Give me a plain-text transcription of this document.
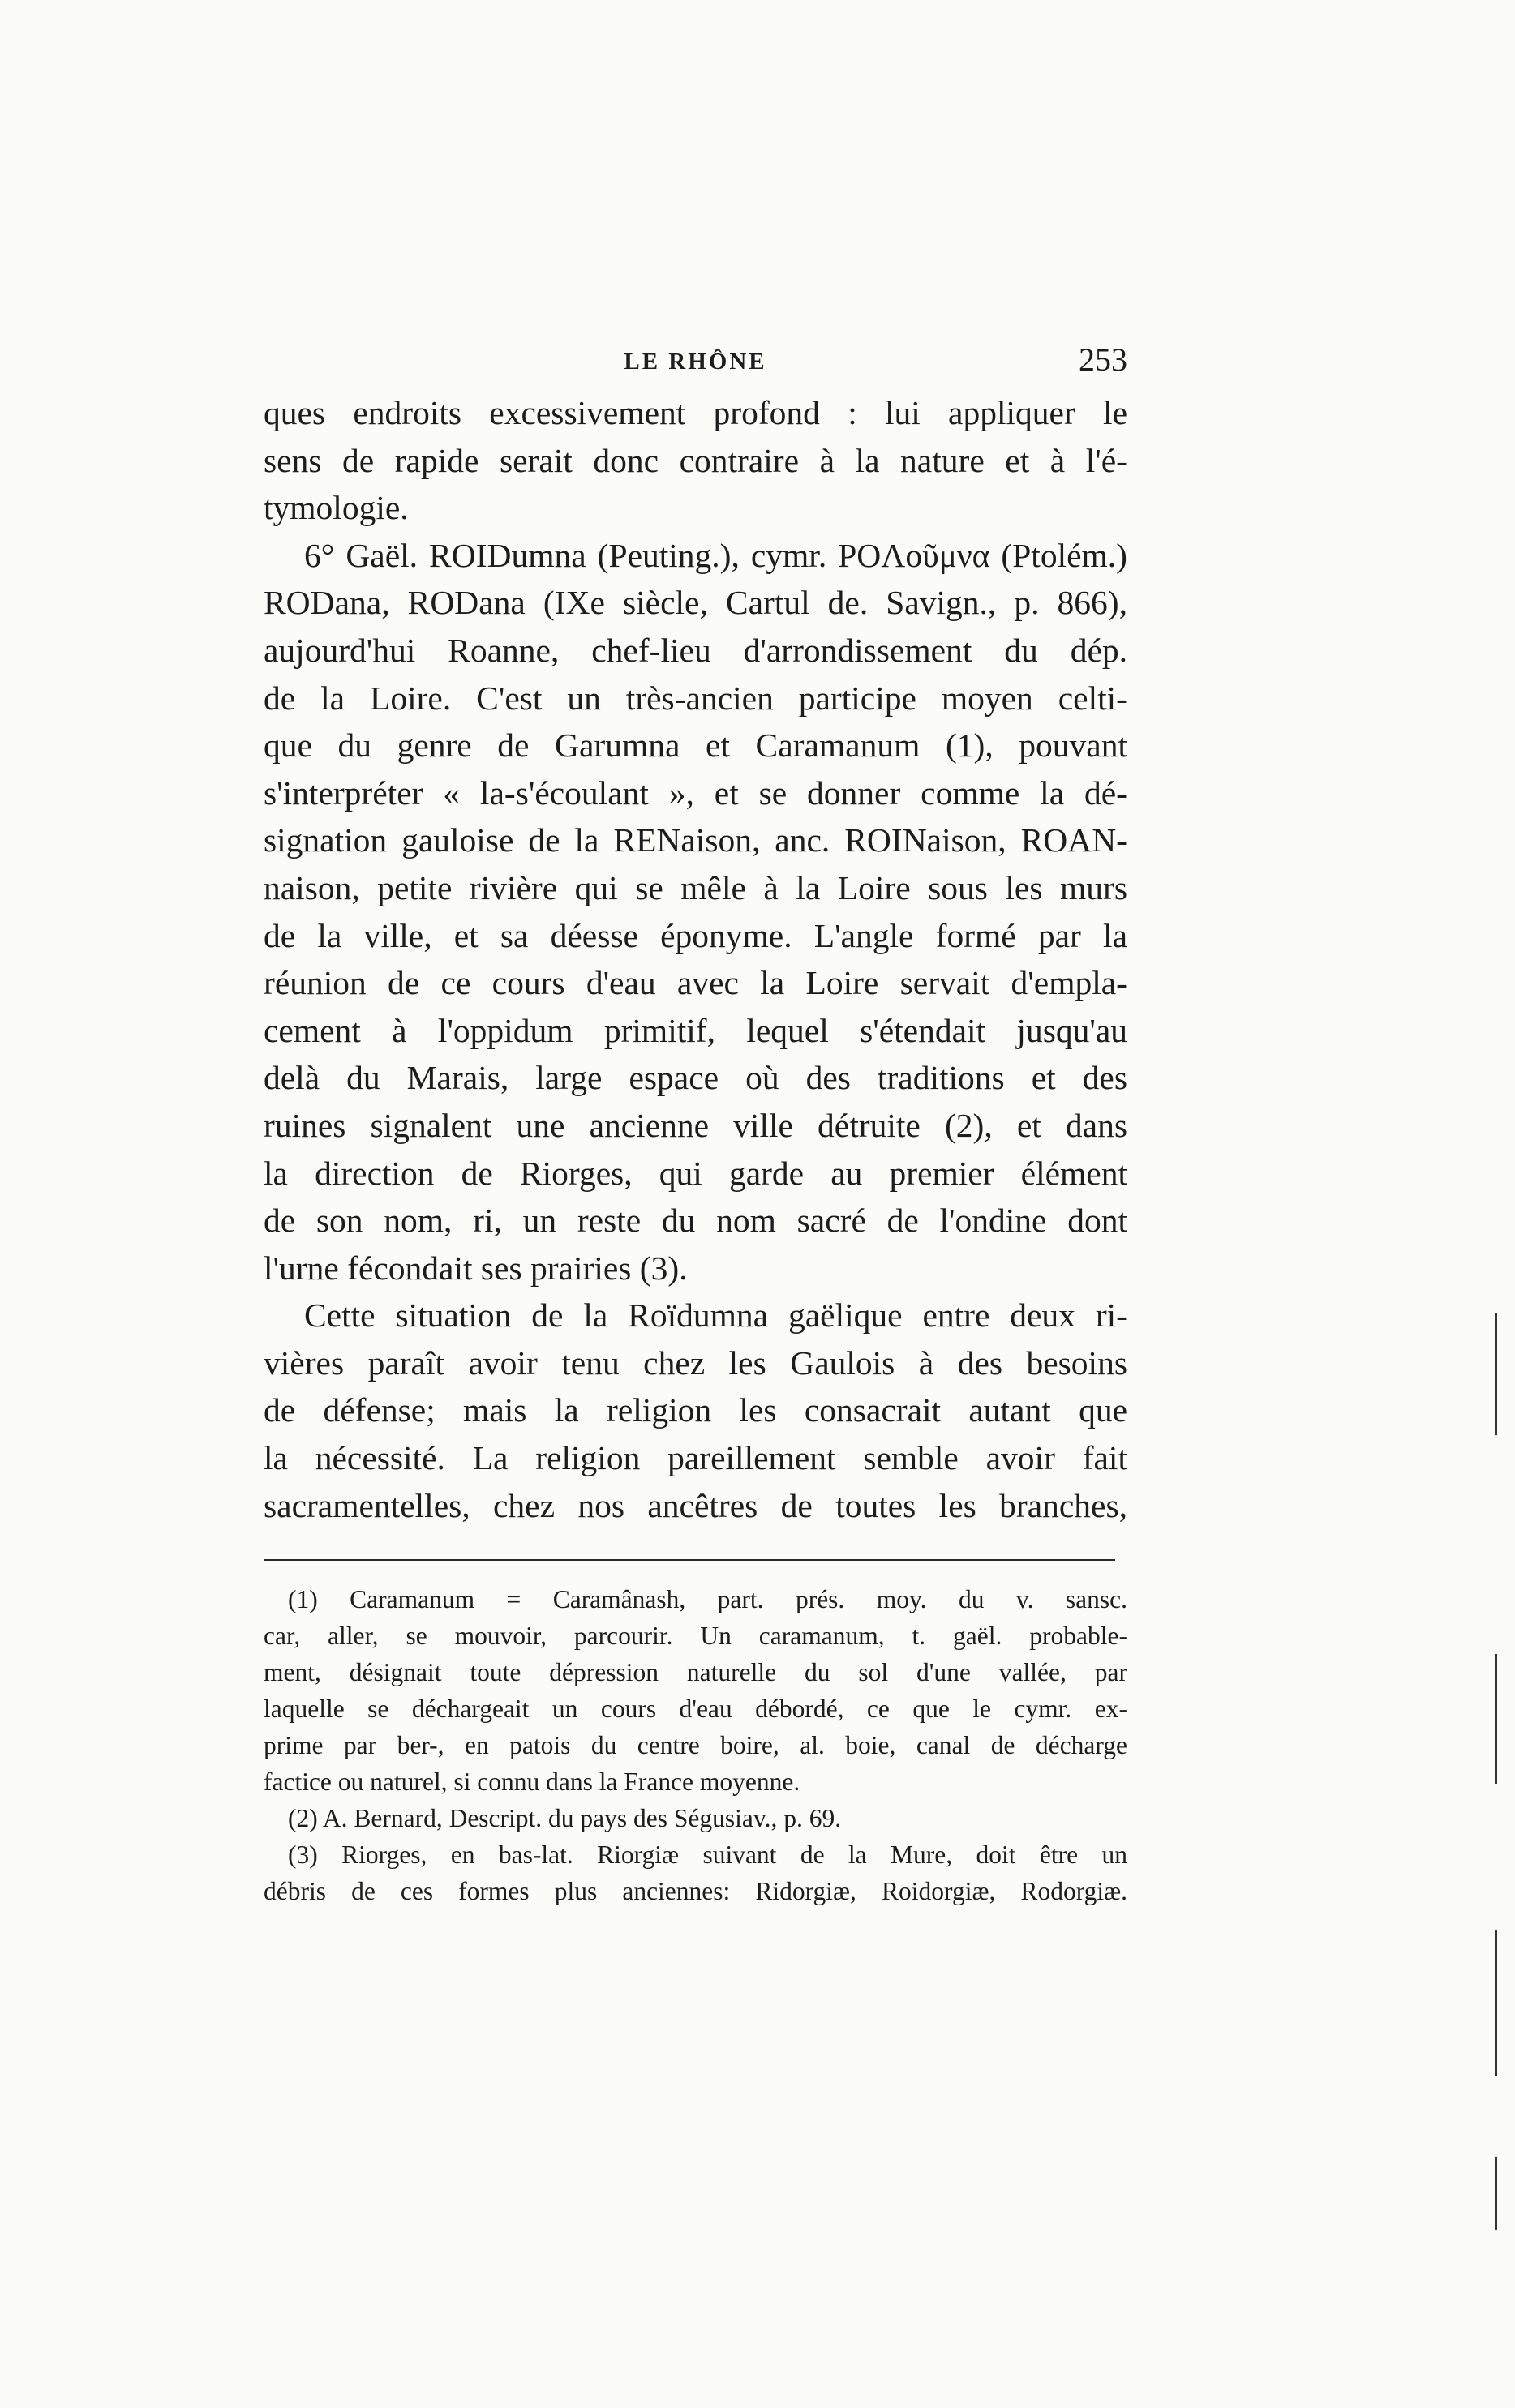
LE RHÔNE	253
ques endroits excessivement profond : lui appliquer le
sens de rapide serait donc contraire à la nature et à l'é-
tymologie.
6° Gaël. ROIDumna (Peuting.), cymr. POΛοῦμνα (Ptolém.)
RODana, RODana (IXe siècle, Cartul de. Savign., p. 866),
aujourd'hui Roanne, chef-lieu d'arrondissement du dép.
de la Loire. C'est un très-ancien participe moyen celti-
que du genre de Garumna et Caramanum (1), pouvant
s'interpréter « la-s'écoulant », et se donner comme la dé-
signation gauloise de la RENaison, anc. ROINaison, ROAN-
naison, petite rivière qui se mêle à la Loire sous les murs
de la ville, et sa déesse éponyme. L'angle formé par la
réunion de ce cours d'eau avec la Loire servait d'empla-
cement à l'oppidum primitif, lequel s'étendait jusqu'au
delà du Marais, large espace où des traditions et des
ruines signalent une ancienne ville détruite (2), et dans
la direction de Riorges, qui garde au premier élément
de son nom, ri, un reste du nom sacré de l'ondine dont
l'urne fécondait ses prairies (3).
Cette situation de la Roïdumna gaëlique entre deux ri-
vières paraît avoir tenu chez les Gaulois à des besoins
de défense; mais la religion les consacrait autant que
la nécessité. La religion pareillement semble avoir fait
sacramentelles, chez nos ancêtres de toutes les branches,
(1) Caramanum = Caramânash, part. prés. moy. du v. sansc.
car, aller, se mouvoir, parcourir. Un caramanum, t. gaël. probable-
ment, désignait toute dépression naturelle du sol d'une vallée, par
laquelle se déchargeait un cours d'eau débordé, ce que le cymr. ex-
prime par ber-, en patois du centre boire, al. boie, canal de décharge
factice ou naturel, si connu dans la France moyenne.
(2) A. Bernard, Descript. du pays des Ségusiav., p. 69.
(3) Riorges, en bas-lat. Riorgiæ suivant de la Mure, doit être un
débris de ces formes plus anciennes: Ridorgiæ, Roidorgiæ, Rodorgiæ.
